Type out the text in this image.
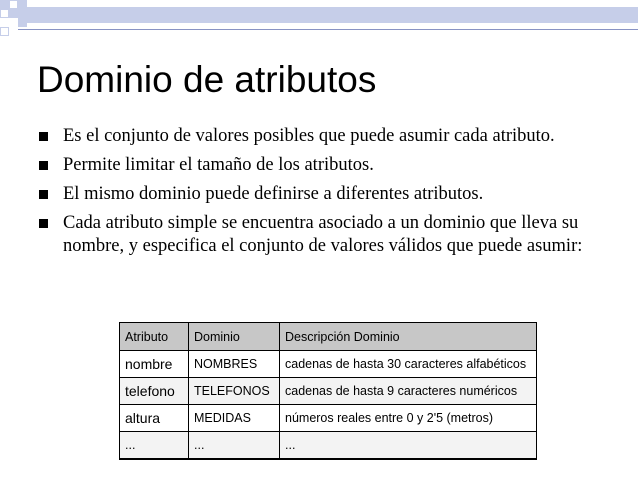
Dominio de atributos
Es el conjunto de valores posibles que puede asumir cada atributo.
Permite limitar el tamaño de los atributos.
El mismo dominio puede definirse a diferentes atributos.
Cada atributo simple se encuentra asociado a un dominio que lleva su nombre, y especifica el conjunto de valores válidos que puede asumir:
Atributo	Dominio	Descripción Dominio
nombre	NOMBRES	cadenas de hasta 30 caracteres alfabéticos
telefono	TELEFONOS	cadenas de hasta 9 caracteres numéricos
altura	MEDIDAS	números reales entre 0 y 2'5 (metros)
...	...	...
